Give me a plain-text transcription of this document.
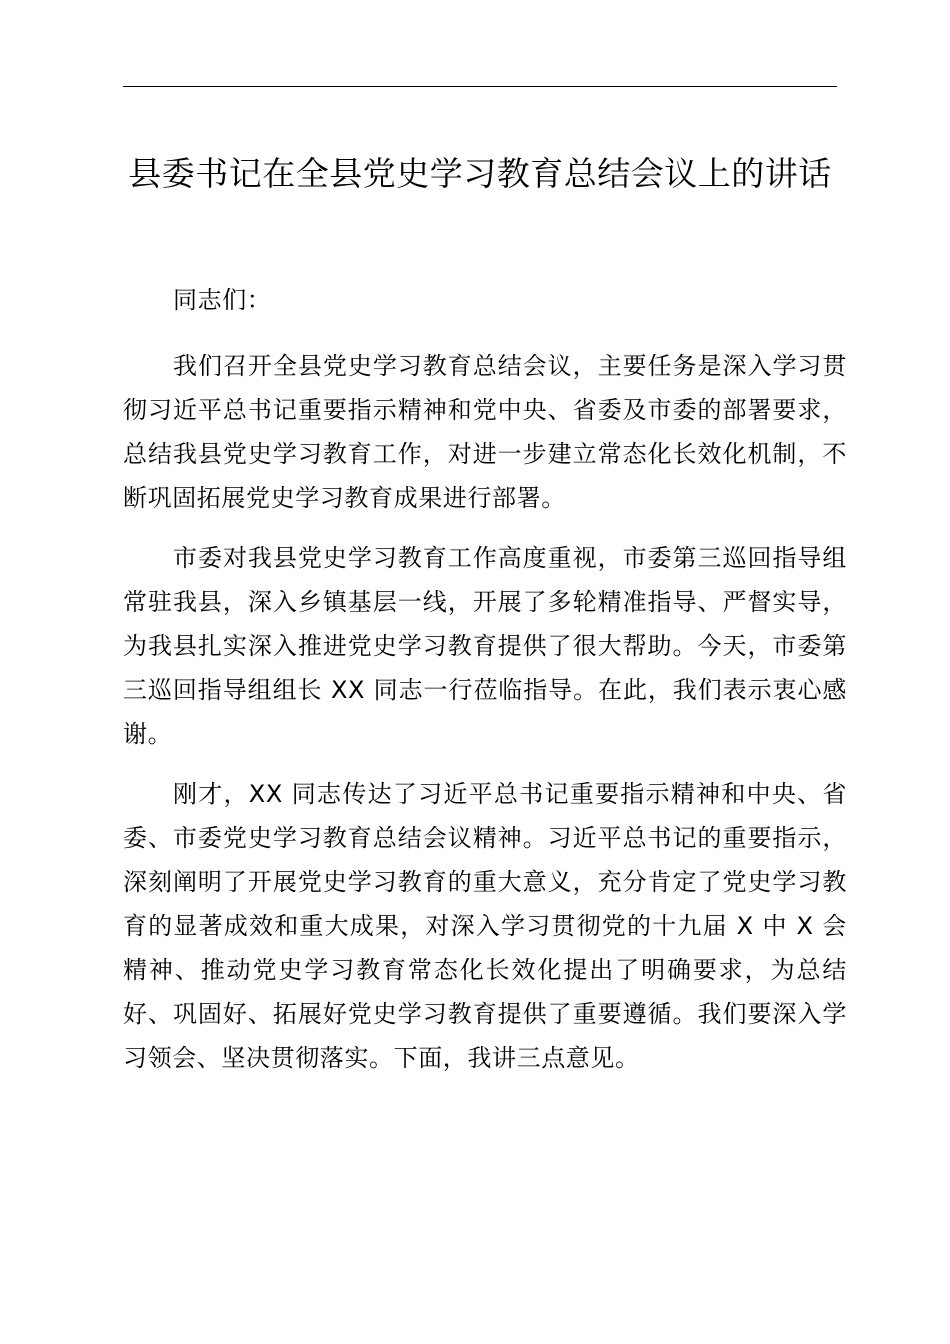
县委书记在全县党史学习教育总结会议上的讲话

同志们：

我们召开全县党史学习教育总结会议，主要任务是深入学习贯彻习近平总书记重要指示精神和党中央、省委及市委的部署要求，总结我县党史学习教育工作，对进一步建立常态化长效化机制，不断巩固拓展党史学习教育成果进行部署。

市委对我县党史学习教育工作高度重视，市委第三巡回指导组常驻我县，深入乡镇基层一线，开展了多轮精准指导、严督实导，为我县扎实深入推进党史学习教育提供了很大帮助。今天，市委第三巡回指导组组长 XX 同志一行莅临指导。在此，我们表示衷心感谢。

刚才，XX 同志传达了习近平总书记重要指示精神和中央、省委、市委党史学习教育总结会议精神。习近平总书记的重要指示，深刻阐明了开展党史学习教育的重大意义，充分肯定了党史学习教育的显著成效和重大成果，对深入学习贯彻党的十九届 X 中 X 会精神、推动党史学习教育常态化长效化提出了明确要求，为总结好、巩固好、拓展好党史学习教育提供了重要遵循。我们要深入学习领会、坚决贯彻落实。下面，我讲三点意见。
